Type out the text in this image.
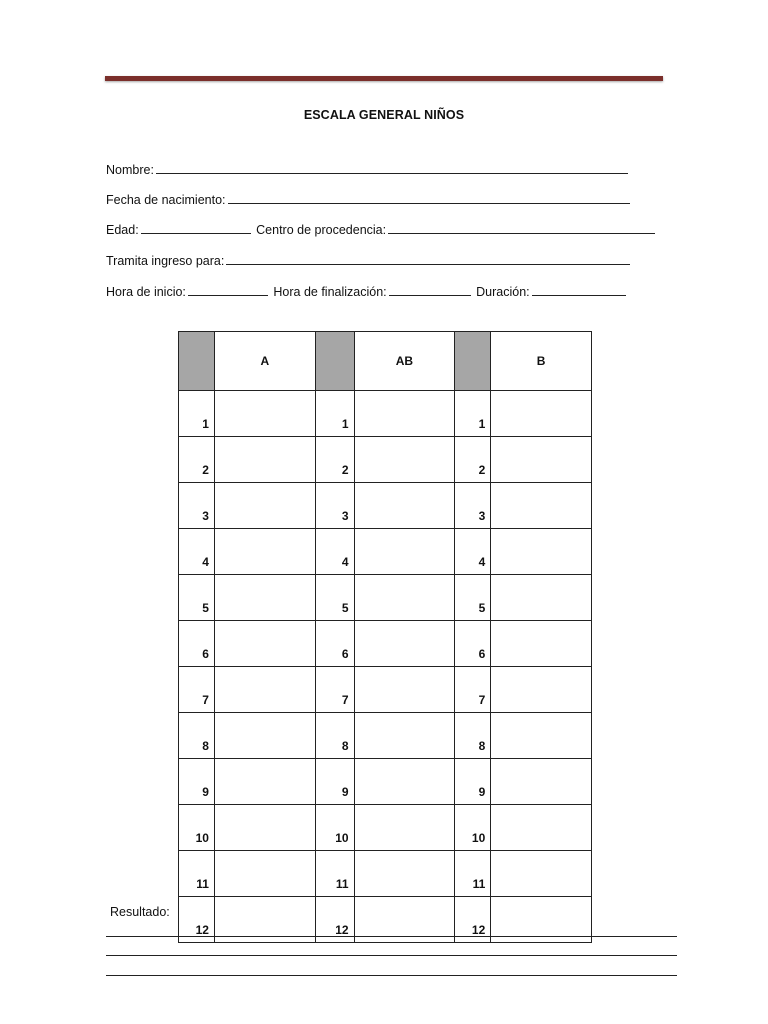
ESCALA GENERAL NIÑOS
Nombre:
Fecha de nacimiento:
Edad:	Centro de procedencia:
Tramita ingreso para:
Hora de inicio:	Hora de finalización:	Duración:
	A		AB		B
1		1		1	
2		2		2	
3		3		3	
4		4		4	
5		5		5	
6		6		6	
7		7		7	
8		8		8	
9		9		9	
10		10		10	
11		11		11	
12		12		12	
Resultado:
